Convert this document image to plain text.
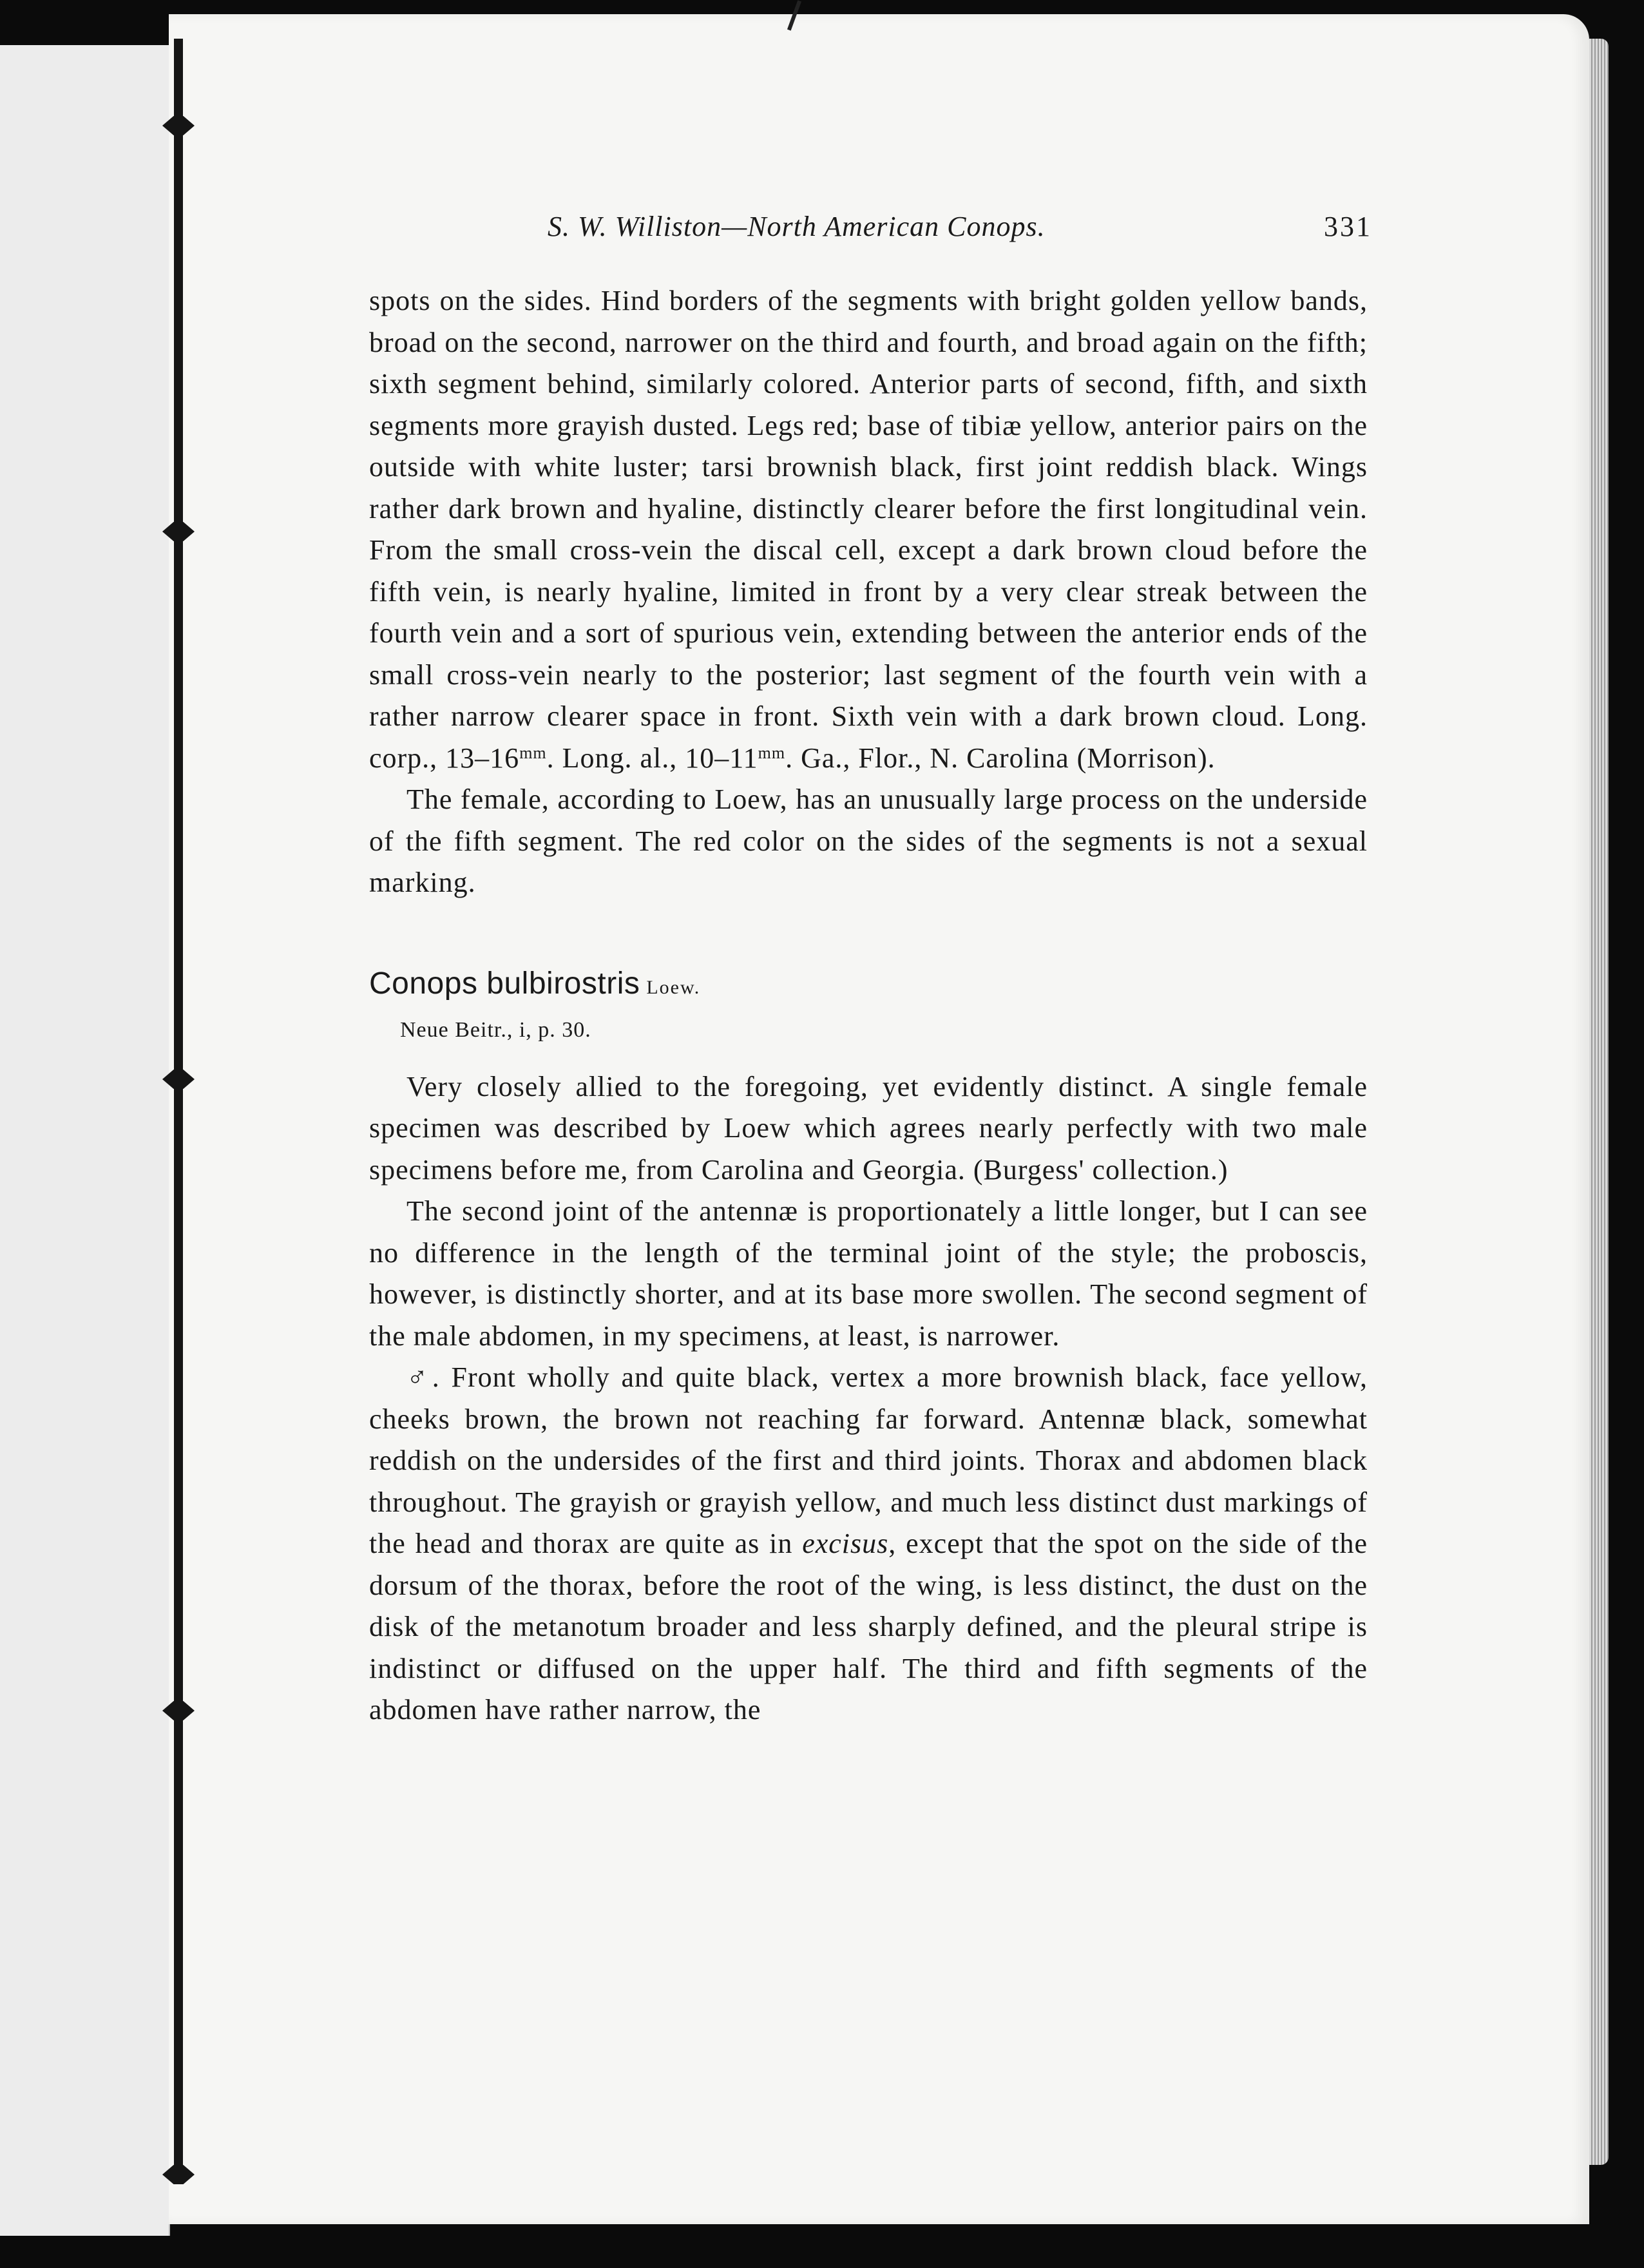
S. W. Williston—North American Conops.	331

spots on the sides. Hind borders of the segments with bright golden yellow bands, broad on the second, narrower on the third and fourth, and broad again on the fifth; sixth segment behind, similarly colored. Anterior parts of second, fifth, and sixth segments more grayish dusted. Legs red; base of tibiæ yellow, anterior pairs on the outside with white luster; tarsi brownish black, first joint reddish black. Wings rather dark brown and hyaline, distinctly clearer before the first longitudinal vein. From the small cross-vein the discal cell, except a dark brown cloud before the fifth vein, is nearly hyaline, limited in front by a very clear streak between the fourth vein and a sort of spurious vein, extending between the anterior ends of the small cross-vein nearly to the posterior; last segment of the fourth vein with a rather narrow clearer space in front. Sixth vein with a dark brown cloud. Long. corp., $13-16^{mm}$. Long. al., $10-11^{mm}$. Ga., Flor., N. Carolina (Morrison).

The female, according to Loew, has an unusually large process on the underside of the fifth segment. The red color on the sides of the segments is not a sexual marking.

Conops bulbirostris Loew.

Neue Beitr., i, p. 30.

Very closely allied to the foregoing, yet evidently distinct. A single female specimen was described by Loew which agrees nearly perfectly with two male specimens before me, from Carolina and Georgia. (Burgess' collection.)

The second joint of the antennæ is proportionately a little longer, but I can see no difference in the length of the terminal joint of the style; the proboscis, however, is distinctly shorter, and at its base more swollen. The second segment of the male abdomen, in my specimens, at least, is narrower.

♂. Front wholly and quite black, vertex a more brownish black, face yellow, cheeks brown, the brown not reaching far forward. Antennæ black, somewhat reddish on the undersides of the first and third joints. Thorax and abdomen black throughout. The grayish or grayish yellow, and much less distinct dust markings of the head and thorax are quite as in excisus, except that the spot on the side of the dorsum of the thorax, before the root of the wing, is less distinct, the dust on the disk of the metanotum broader and less sharply defined, and the pleural stripe is indistinct or diffused on the upper half. The third and fifth segments of the abdomen have rather narrow, the
